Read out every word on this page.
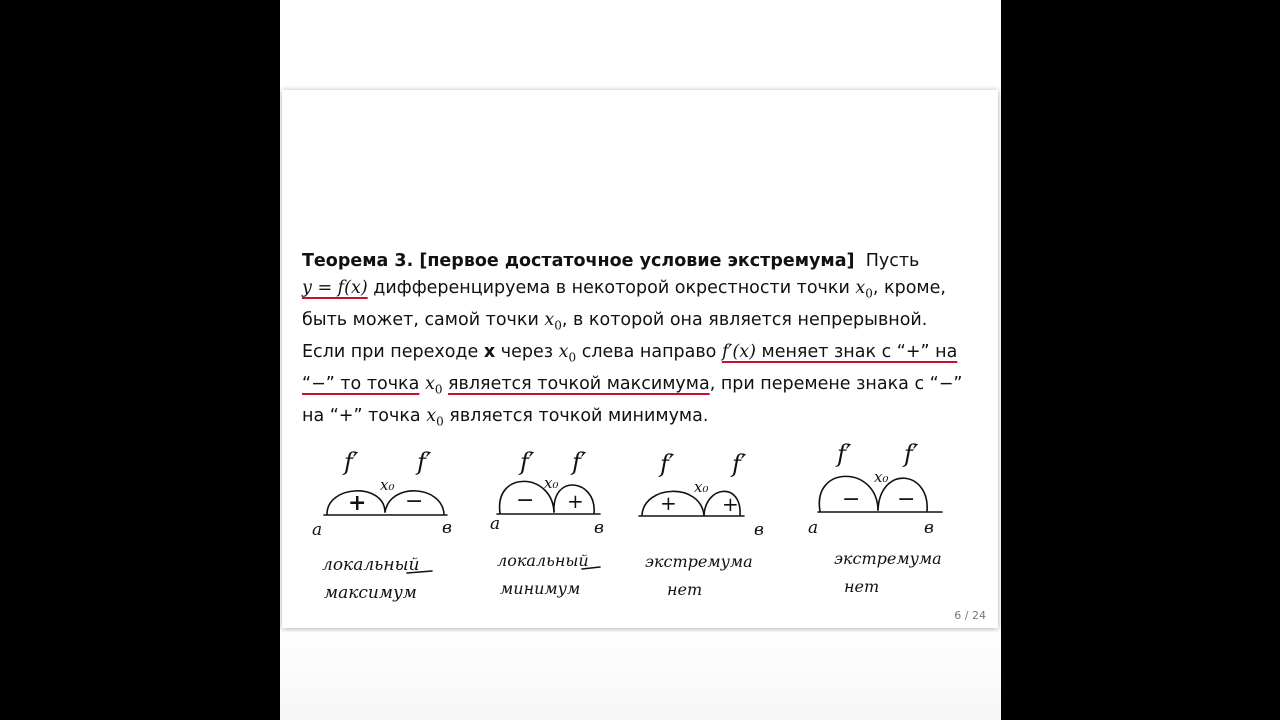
Теорема 3. [первое достаточное условие экстремума] Пусть
y = f(x) дифференцируема в некоторой окрестности точки $x_0$, кроме,
быть может, самой точки $x_0$, в которой она является непрерывной.
Если при переходе x через $x_0$ слева направо f′(x) меняет знак с “+” на
“−” то точка $x_0$ является точкой максимума, при перемене знака с “−”
на “+” точка $x_0$ является точкой минимума.
f′ f′
x₀
+ −
a	в
локальный
максимум
f′ f′
x₀
− +
a	в
локальный
минимум
f′ f′
x₀
+ +
в
экстремума
нет
f′ f′
x₀
− −
a	в
экстремума
нет
6 / 24
